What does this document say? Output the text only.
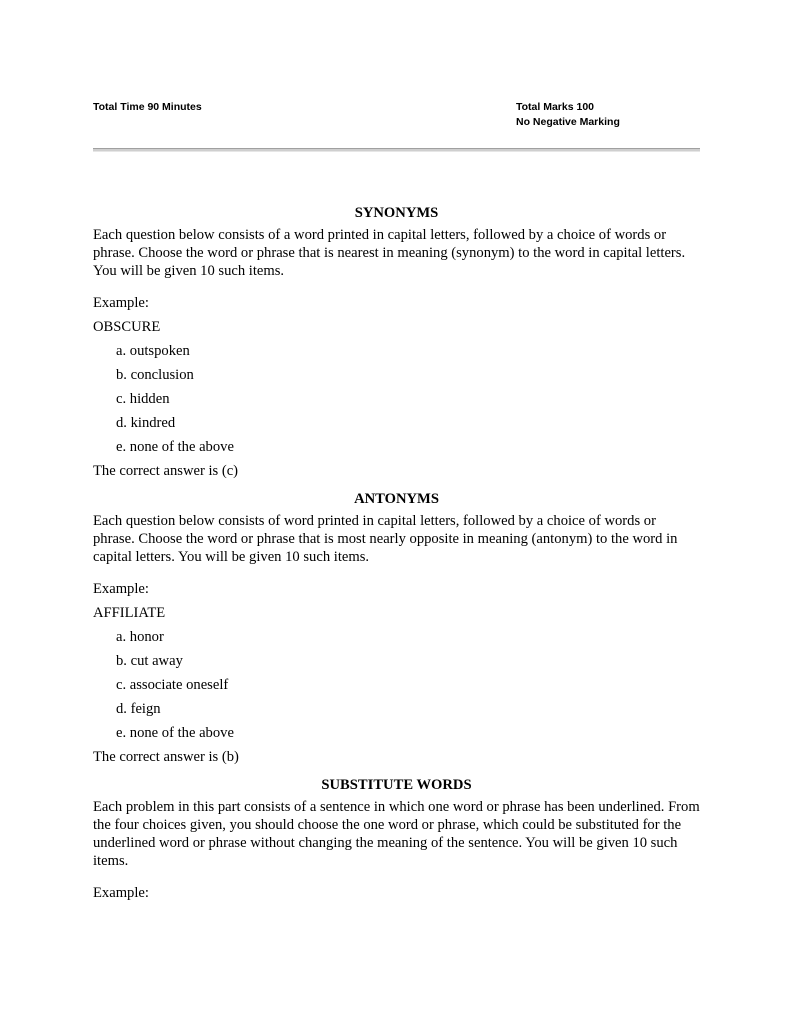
Total Time 90 Minutes	Total Marks 100
No Negative Marking
SYNONYMS

Each question below consists of a word printed in capital letters, followed by a choice of words or phrase. Choose the word or phrase that is nearest in meaning (synonym) to the word in capital letters. You will be given 10 such items.

Example:
OBSCURE
a. outspoken
b. conclusion
c. hidden
d. kindred
e. none of the above
The correct answer is (c)
ANTONYMS

Each question below consists of word printed in capital letters, followed by a choice of words or phrase. Choose the word or phrase that is most nearly opposite in meaning (antonym) to the word in capital letters. You will be given 10 such items.

Example:
AFFILIATE
a. honor
b. cut away
c. associate oneself
d. feign
e. none of the above
The correct answer is (b)
SUBSTITUTE WORDS

Each problem in this part consists of a sentence in which one word or phrase has been underlined. From the four choices given, you should choose the one word or phrase, which could be substituted for the underlined word or phrase without changing the meaning of the sentence. You will be given 10 such items.

Example:
